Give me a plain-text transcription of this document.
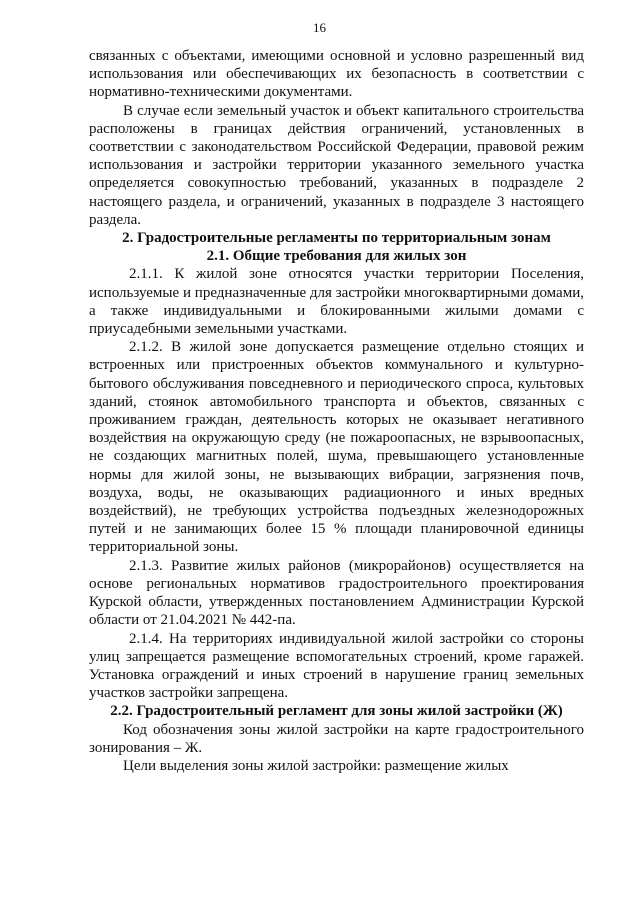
16

связанных с объектами, имеющими основной и условно разрешенный вид использования или обеспечивающих их безопасность в соответствии с нормативно-техническими документами.

В случае если земельный участок и объект капитального строительства расположены в границах действия ограничений, установленных в соответствии с законодательством Российской Федерации, правовой режим использования и застройки территории указанного земельного участка определяется совокупностью требований, указанных в подразделе 2 настоящего раздела, и ограничений, указанных в подразделе 3 настоящего раздела.

2. Градостроительные регламенты по территориальным зонам

2.1. Общие требования для жилых зон

2.1.1. К жилой зоне относятся участки территории Поселения, используемые и предназначенные для застройки многоквартирными домами, а также индивидуальными и блокированными жилыми домами с приусадебными земельными участками.

2.1.2. В жилой зоне допускается размещение отдельно стоящих и встроенных или пристроенных объектов коммунального и культурно-бытового обслуживания повседневного и периодического спроса, культовых зданий, стоянок автомобильного транспорта и объектов, связанных с проживанием граждан, деятельность которых не оказывает негативного воздействия на окружающую среду (не пожароопасных, не взрывоопасных, не создающих магнитных полей, шума, превышающего установленные нормы для жилой зоны, не вызывающих вибрации, загрязнения почв, воздуха, воды, не оказывающих радиационного и иных вредных воздействий), не требующих устройства подъездных железнодорожных путей и не занимающих более 15 % площади планировочной единицы территориальной зоны.

2.1.3. Развитие жилых районов (микрорайонов) осуществляется на основе региональных нормативов градостроительного проектирования Курской области, утвержденных постановлением Администрации Курской области от 21.04.2021 № 442-па.

2.1.4. На территориях индивидуальной жилой застройки со стороны улиц запрещается размещение вспомогательных строений, кроме гаражей. Установка ограждений и иных строений в нарушение границ земельных участков застройки запрещена.

2.2. Градостроительный регламент для зоны жилой застройки (Ж)

Код обозначения зоны жилой застройки на карте градостроительного зонирования – Ж.

Цели выделения зоны жилой застройки: размещение жилых
